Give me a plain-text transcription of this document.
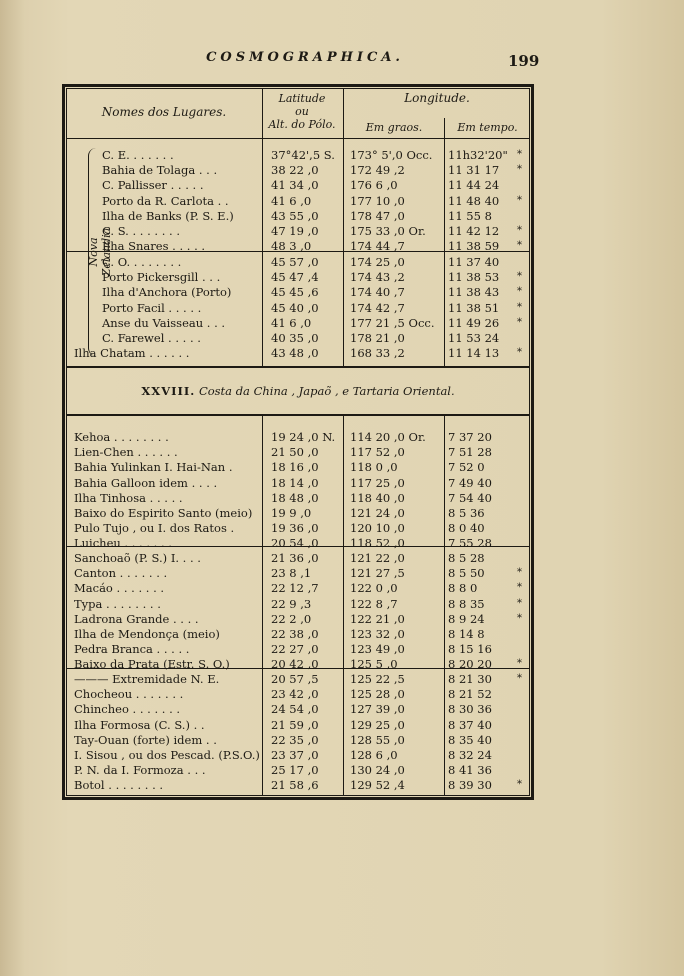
COSMOGRAPHICA.	199
Nomes dos Lugares.
Latitude
ou
Alt. do Pólo.
Longitude.
Em graos.	Em tempo.
Nova Zelandia
XXVIII. Costa da China , Japaõ , e Tartaria Oriental.
C. E. . . . . . .	37°42',5 S. 173° 5',0 Occ. 11h32'20" *
Bahia de Tolaga . . .	38 22 ,0	172 49 ,2	11 31 17 *
C. Pallisser . . . . .	41 34 ,0	176 6 ,0	11 44 24
Porto da R. Carlota . .	41 6 ,0	177 10 ,0	11 48 40 *
Ilha de Banks (P. S. E.)	43 55 ,0	178 47 ,0	11 55 8
C. S. . . . . . . .	47 19 ,0	175 33 ,0 Or. 11 42 12 *
Ilha Snares . . . . .	48 3 ,0	174 44 ,7	11 38 59 *
C. O. . . . . . . .	45 57 ,0	174 25 ,0	11 37 40
Porto Pickersgill . . .	45 47 ,4	174 43 ,2	11 38 53 *
Ilha d'Anchora (Porto)	45 45 ,6	174 40 ,7	11 38 43 *
Porto Facil . . . . .	45 40 ,0	174 42 ,7	11 38 51 *
Anse du Vaisseau . . .	41 6 ,0	177 21 ,5 Occ. 11 49 26 *
C. Farewel . . . . .	40 35 ,0	178 21 ,0	11 53 24
Ilha Chatam . . . . . .	43 48 ,0	168 33 ,2	11 14 13 *
Kehoa . . . . . . . .	19 24 ,0 N. 114 20 ,0 Or. 7 37 20
Lien-Chen . . . . . .	21 50 ,0	117 52 ,0	7 51 28
Bahia Yulinkan I. Hai-Nan .	18 16 ,0	118 0 ,0	7 52 0
Bahia Galloon idem . . . .	18 14 ,0	117 25 ,0	7 49 40
Ilha Tinhosa . . . . .	18 48 ,0	118 40 ,0	7 54 40
Baixo do Espirito Santo (meio) 19 9 ,0	121 24 ,0	8 5 36
Pulo Tujo , ou I. dos Ratos .	19 36 ,0	120 10 ,0	8 0 40
Luicheu . . . . . . .	20 54 ,0	118 52 ,0	7 55 28
Sanchoaõ (P. S.) I. . . .	21 36 ,0	121 22 ,0	8 5 28
Canton . . . . . . .	23 8 ,1	121 27 ,5	8 5 50	*
Macáo . . . . . . .	22 12 ,7	122 0 ,0	8 8 0	*
Typa . . . . . . . .	22 9 ,3	122 8 ,7	8 8 35	*
Ladrona Grande . . . .	22 2 ,0	122 21 ,0	8 9 24	*
Ilha de Mendonça (meio)	22 38 ,0	123 32 ,0	8 14 8
Pedra Branca . . . . .	22 27 ,0	123 49 ,0	8 15 16
Baixo da Prata (Estr. S. O.)	20 42 ,0	125 5 ,0	8 20 20	*
——— Extremidade N. E.	20 57 ,5	125 22 ,5	8 21 30	*
Chocheou . . . . . . .	23 42 ,0	125 28 ,0	8 21 52
Chincheo . . . . . . .	24 54 ,0	127 39 ,0	8 30 36
Ilha Formosa (C. S.) . .	21 59 ,0	129 25 ,0	8 37 40
Tay-Ouan (forte) idem . .	22 35 ,0	128 55 ,0	8 35 40
I. Sisou , ou dos Pescad. (P.S.O.) 23 37 ,0	128 6 ,0	8 32 24
P. N. da I. Formoza . . .	25 17 ,0	130 24 ,0	8 41 36
Botol . . . . . . . .	21 58 ,6	129 52 ,4	8 39 30	*
